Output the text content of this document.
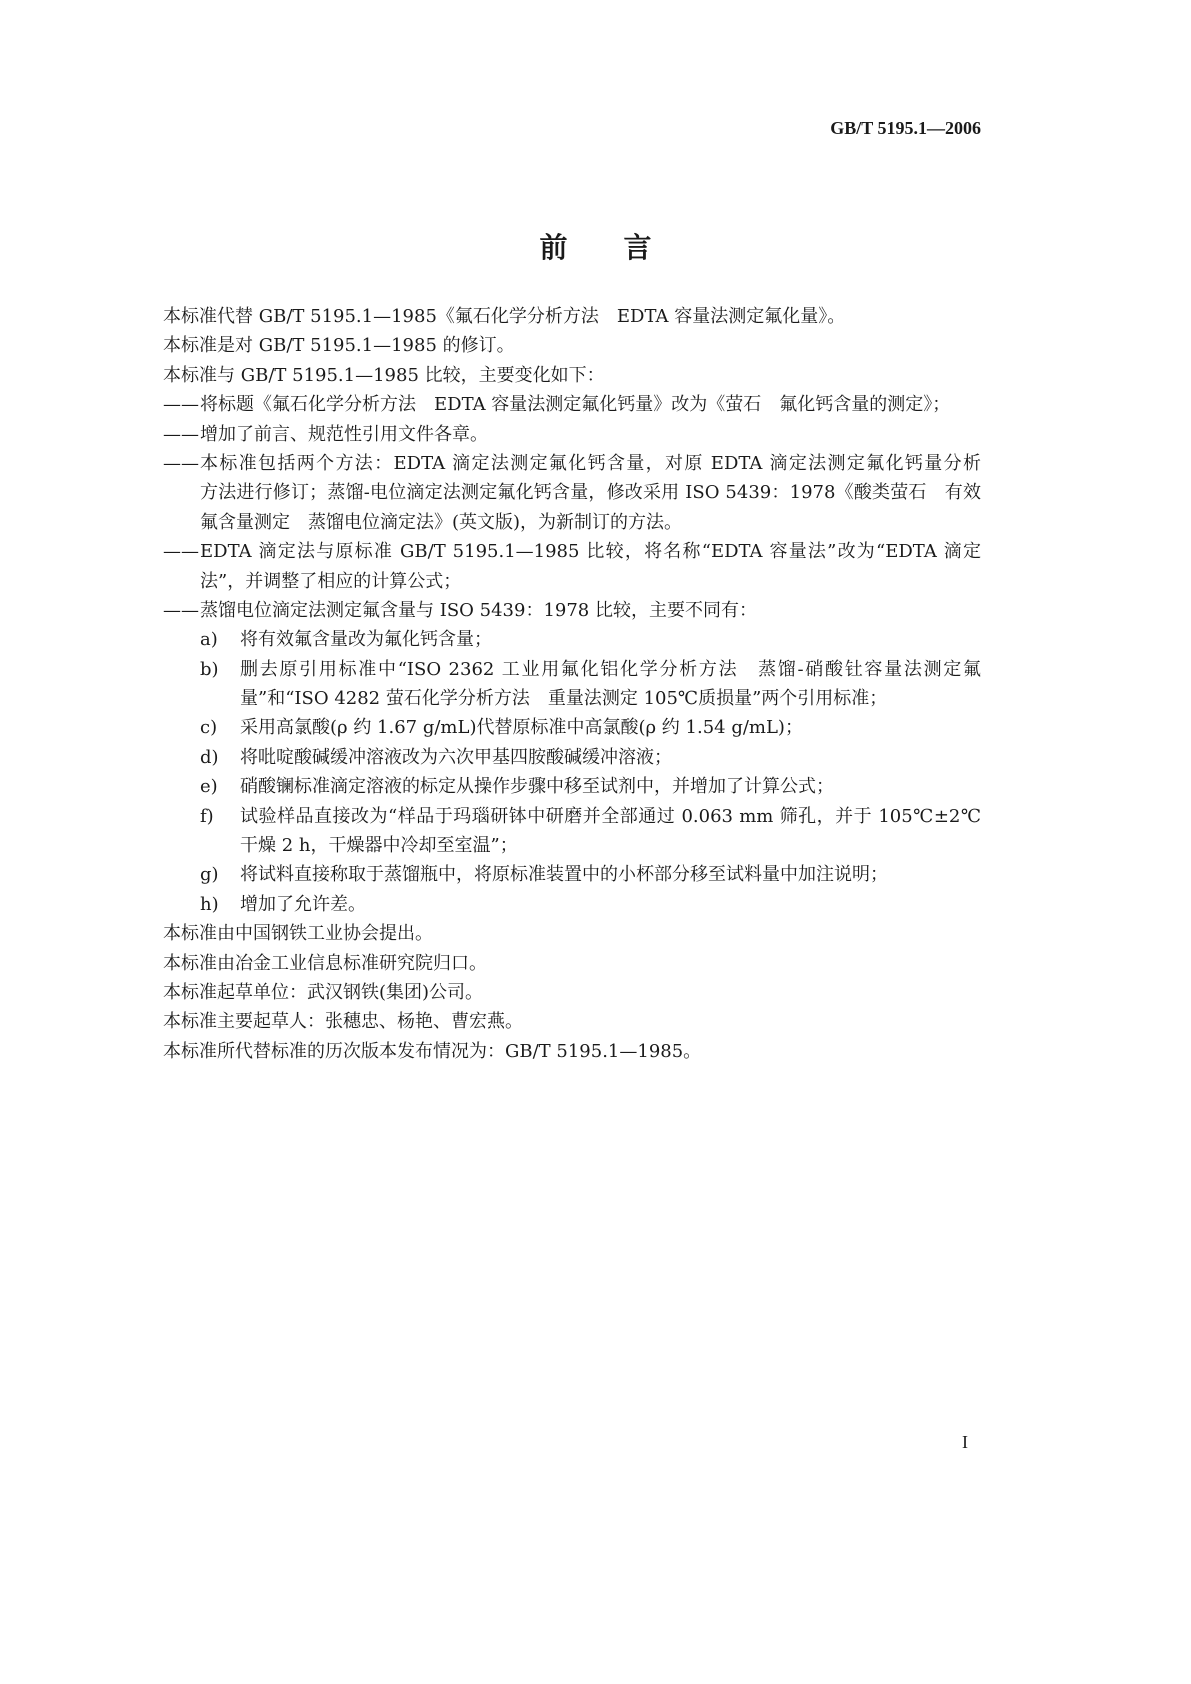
GB/T 5195.1—2006
前言
本标准代替 GB/T 5195.1—1985《氟石化学分析方法　EDTA 容量法测定氟化量》。
本标准是对 GB/T 5195.1—1985 的修订。
本标准与 GB/T 5195.1—1985 比较，主要变化如下：
将标题《氟石化学分析方法　EDTA 容量法测定氟化钙量》改为《萤石　氟化钙含量的测定》；
——
增加了前言、规范性引用文件各章。
——
本标准包括两个方法：EDTA 滴定法测定氟化钙含量，对原 EDTA 滴定法测定氟化钙量分析
——
方法进行修订；蒸馏-电位滴定法测定氟化钙含量，修改采用 ISO 5439：1978《酸类萤石　有效
氟含量测定　蒸馏电位滴定法》(英文版)，为新制订的方法。
EDTA 滴定法与原标准 GB/T 5195.1—1985 比较，将名称“EDTA 容量法”改为“EDTA 滴定
——
法”，并调整了相应的计算公式；
蒸馏电位滴定法测定氟含量与 ISO 5439：1978 比较，主要不同有：
——
将有效氟含量改为氟化钙含量；
a)
删去原引用标准中“ISO 2362 工业用氟化铝化学分析方法　蒸馏-硝酸钍容量法测定氟
b)
量”和“ISO 4282 萤石化学分析方法　重量法测定 105℃质损量”两个引用标准；
采用高氯酸(ρ 约 1.67 g/mL)代替原标准中高氯酸(ρ 约 1.54 g/mL)；
c)
将吡啶酸碱缓冲溶液改为六次甲基四胺酸碱缓冲溶液；
d)
硝酸镧标准滴定溶液的标定从操作步骤中移至试剂中，并增加了计算公式；
e)
试验样品直接改为“样品于玛瑙研钵中研磨并全部通过 0.063 mm 筛孔，并于 105℃±2℃
f)
干燥 2 h，干燥器中冷却至室温”；
将试料直接称取于蒸馏瓶中，将原标准装置中的小杯部分移至试料量中加注说明；
g)
增加了允许差。
h)
本标准由中国钢铁工业协会提出。
本标准由冶金工业信息标准研究院归口。
本标准起草单位：武汉钢铁(集团)公司。
本标准主要起草人：张穗忠、杨艳、曹宏燕。
本标准所代替标准的历次版本发布情况为：GB/T 5195.1—1985。
I
